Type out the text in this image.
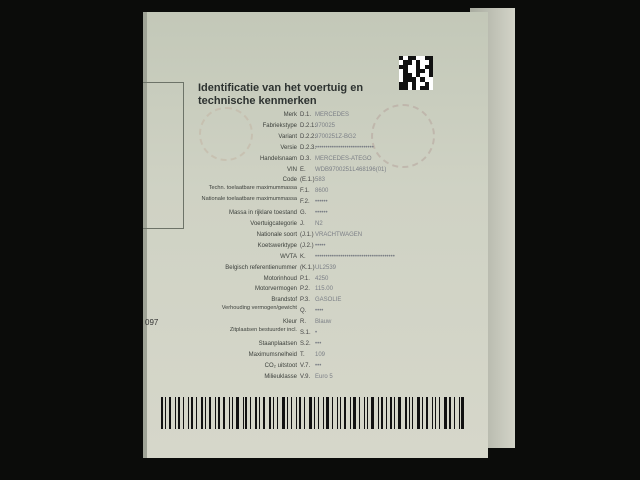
097
Identificatie van het voertuig en technische kenmerken
Merk D.1. MERCEDES
Fabriekstype D.2.1.
970025
Variant D.2.2.
9700251Z-BG2
Versie D.2.3.
••••••••••••••••••••••••••••
Handelsnaam D.3. MERCEDES-ATEGO
VIN E. WDB9700251L468196(01)
Code (E.1.) 583
Techn. toelaatbare maximummassa F.1. 8600
Nationale toelaatbare maximummassa F.2. ••••••
Massa in rijklare toestand G. ••••••
Voertuigcategorie J. N2
Nationale soort (J.1.) VRACHTWAGEN
Koetswerktype (J.2.) •••••
WVTA K. ••••••••••••••••••••••••••••••••••••••
Belgisch referentienummer (K.1.) UL2539
Motorinhoud P.1. 4250
Motorvermogen P.2. 115.00
Brandstof P.3. GASOLIE
Verhouding vermogen/gewicht Q. ••••
Kleur R. Blauw
Zitplaatsen bestuurder incl. S.1. •
Staanplaatsen S.2. •••
Maximumsnelheid T. 109
CO₂ uitstoot V.7. •••
Milieuklasse V.9. Euro 5
